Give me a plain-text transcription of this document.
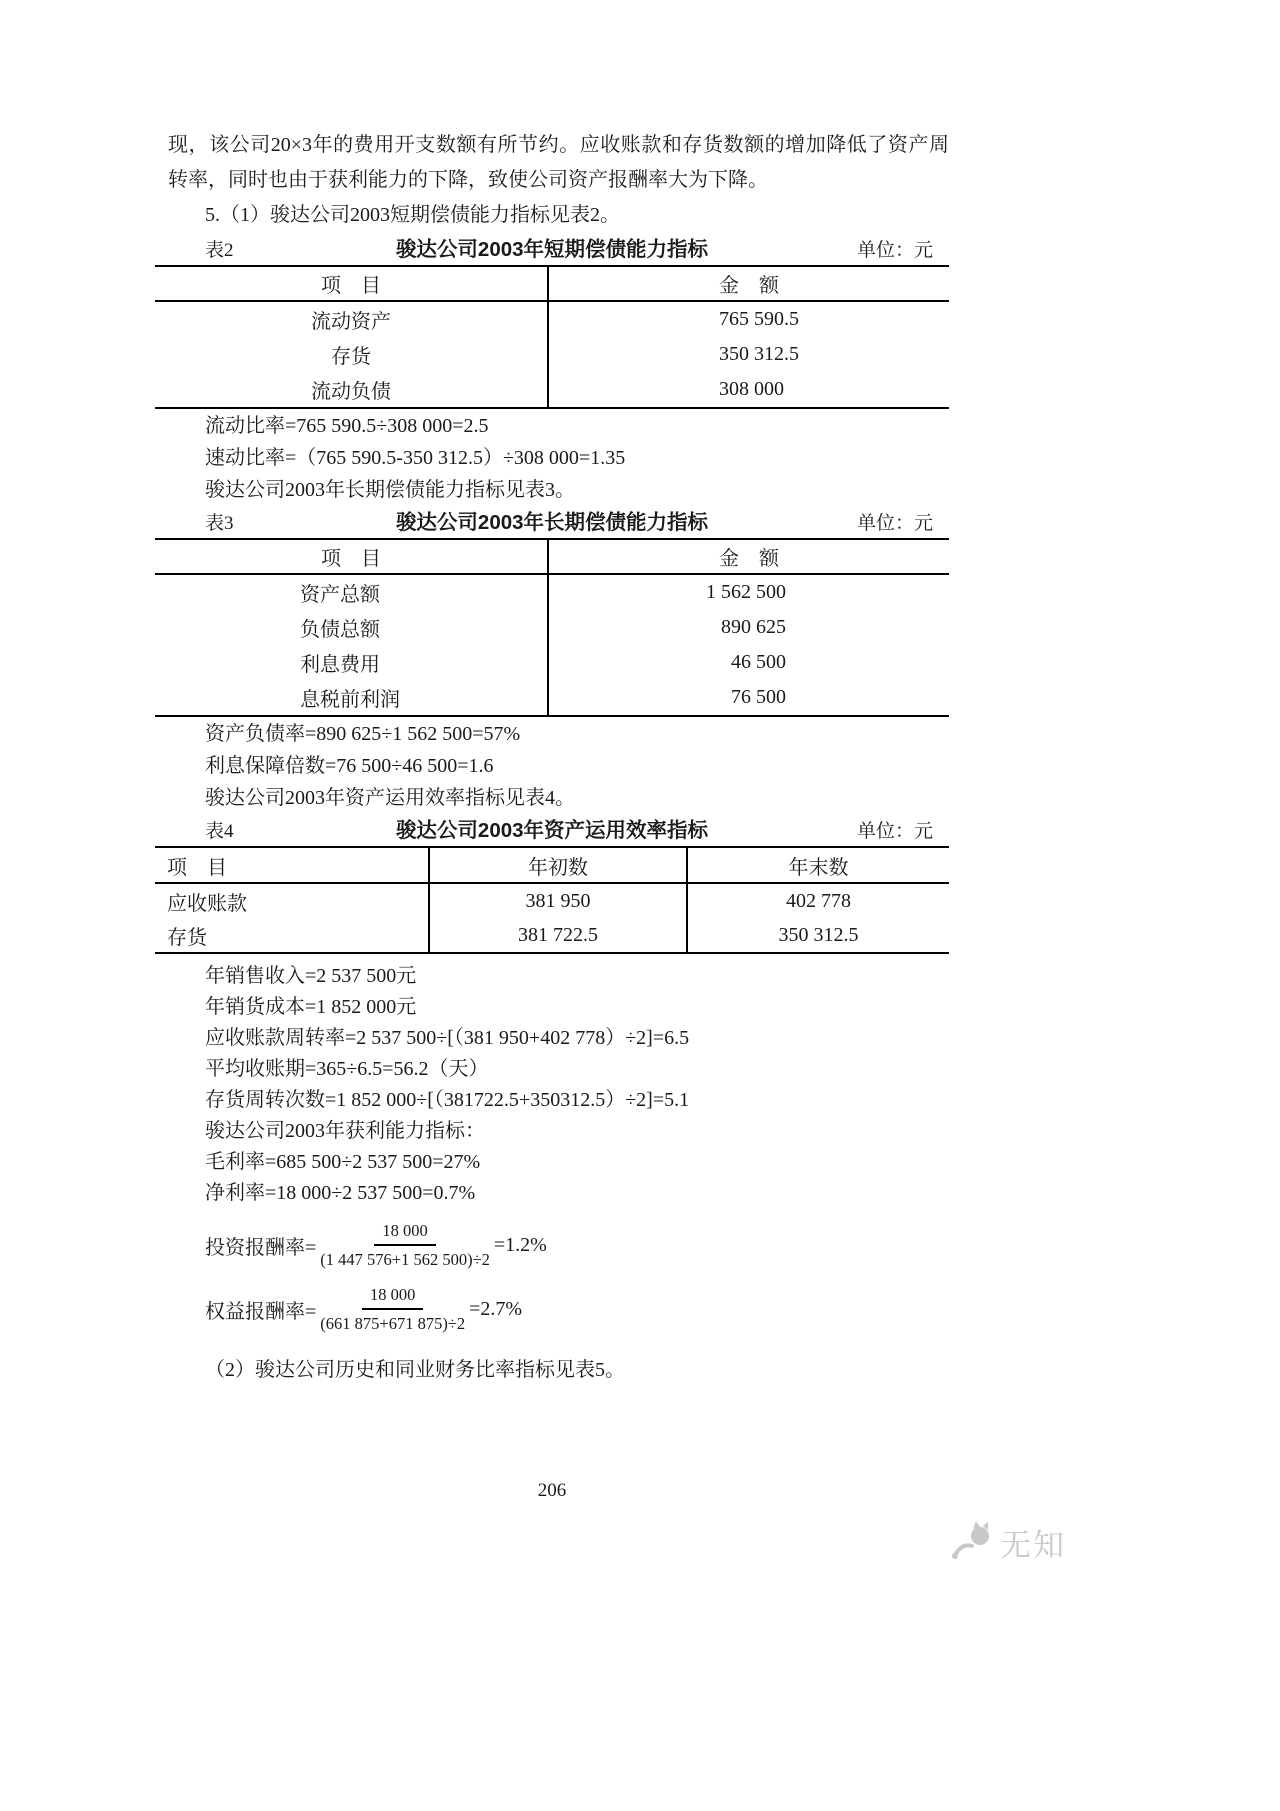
现，该公司20×3年的费用开支数额有所节约。应收账款和存货数额的增加降低了资产周转率，同时也由于获利能力的下降，致使公司资产报酬率大为下降。
5.（1）骏达公司2003短期偿债能力指标见表2。
表2	骏达公司2003年短期偿债能力指标	单位：元
项　目	金　额
流动资产	765 590.5
存货	350 312.5
流动负债	308 000
流动比率=765 590.5÷308 000=2.5
速动比率=（765 590.5-350 312.5）÷308 000=1.35
骏达公司2003年长期偿债能力指标见表3。
表3	骏达公司2003年长期偿债能力指标	单位：元
项　目	金　额
资产总额	1 562 500
负债总额	890 625
利息费用	46 500
息税前利润	76 500
资产负债率=890 625÷1 562 500=57%
利息保障倍数=76 500÷46 500=1.6
骏达公司2003年资产运用效率指标见表4。
表4	骏达公司2003年资产运用效率指标	单位：元
项　目	年初数	年末数
应收账款	381 950	402 778
存货	381 722.5	350 312.5
年销售收入=2 537 500元
年销货成本=1 852 000元
应收账款周转率=2 537 500÷[（381 950+402 778）÷2]=6.5
平均收账期=365÷6.5=56.2（天）
存货周转次数=1 852 000÷[（381722.5+350312.5）÷2]=5.1
骏达公司2003年获利能力指标：
毛利率=685 500÷2 537 500=27%
净利率=18 000÷2 537 500=0.7%
投资报酬率= $\frac{18 000}{(1 447 576+1 562 500)\div 2} =1.2\%$
权益报酬率= $\frac{18 000}{(661 875+671 875)\div 2} =2.7\%$
（2）骏达公司历史和同业财务比率指标见表5。
206
无知
